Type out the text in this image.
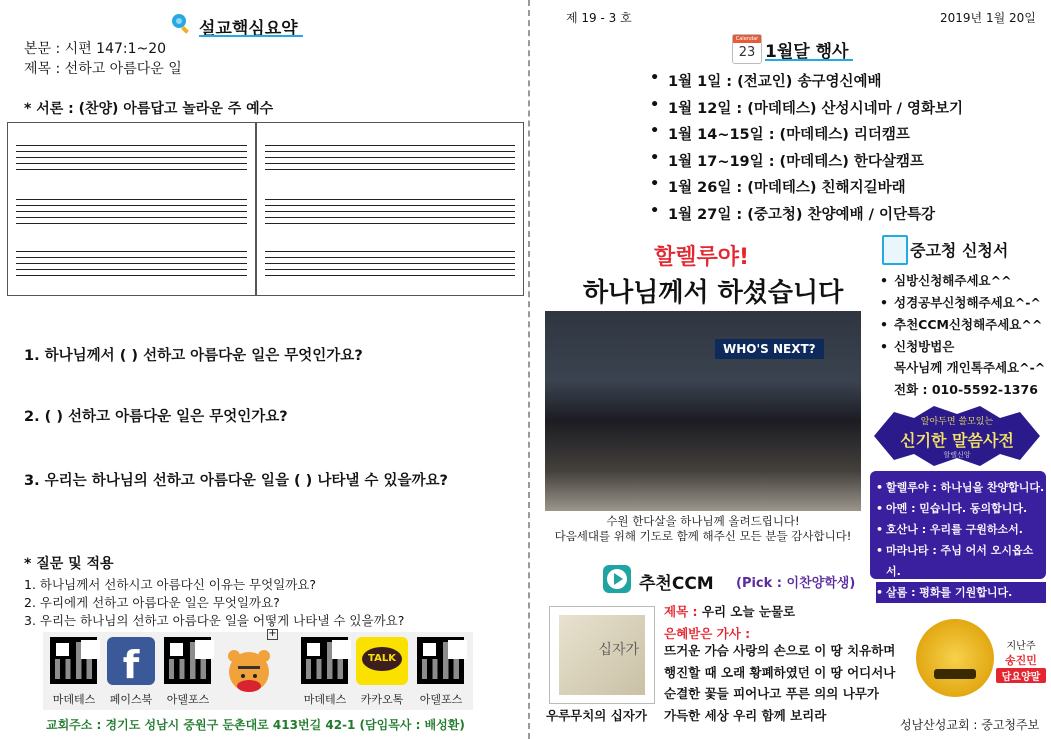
설교핵심요약
본문 : 시편 147:1~20
제목 : 선하고 아름다운 일
* 서론 : (찬양) 아름답고 놀라운 주 예수
1. 하나님께서 ( ) 선하고 아름다운 일은 무엇인가요?
2. ( ) 선하고 아름다운 일은 무엇인가요?
3. 우리는 하나님의 선하고 아름다운 일을 ( ) 나타낼 수 있을까요?
* 질문 및 적용
1. 하나님께서 선하시고 아름다신 이유는 무엇일까요?
2. 우리에게 선하고 아름다운 일은 무엇일까요?
3. 우리는 하나님의 선하고 아름다운 일을 어떻게 나타낼 수 있을까요?
f
+
TALK
마데테스	페이스북	아델포스	마데테스	카카오톡	아델포스
교회주소 : 경기도 성남시 중원구 둔촌대로 413번길 42-1 (담임목사 : 배성환)
제 19 - 3 호	2019년 1월 20일
Calendar
23 1월달 행사
• 1월 1일 : (전교인) 송구영신예배
• 1월 12일 : (마데테스) 산성시네마 / 영화보기
• 1월 14~15일 : (마데테스) 리더캠프
• 1월 17~19일 : (마데테스) 한다살캠프
• 1월 26일 : (마데테스) 친해지길바래
• 1월 27일 : (중고청) 찬양예배 / 이단특강
할렐루야!
하나님께서 하셨습니다
WHO'S NEXT?
수원 한다살을 하나님께 올려드립니다!
다음세대를 위해 기도로 함께 해주신 모든 분들 감사합니다!
중고청 신청서
• 심방신청해주세요^^
• 성경공부신청해주세요^-^
• 추천CCM신청해주세요^^
• 신청방법은
목사님께 개인톡주세요^-^
전화 : 010-5592-1376
알아두면 쓸모있는
신기한 말씀사전
할렐신앙
• 할렐루야 : 하나님을 찬양합니다.
• 아멘 : 믿습니다. 동의합니다.
• 호산나 : 우리를 구원하소서.
• 마라나타 : 주님 어서 오시옵소서.
• 살롬 : 평화를 기원합니다.
추천CCM (Pick : 이찬양학생)
십자가
우루무치의 십자가
제목 : 우리 오늘 눈물로
은혜받은 가사 :
뜨거운 가슴 사랑의 손으로 이 땅 치유하며
행진할 때 오래 황폐하였던 이 땅 어디서나
순결한 꽃들 피어나고 푸른 의의 나무가
가득한 세상 우리 함께 보리라
지난주
송진민
담요양말
성남산성교회 : 중고청주보
